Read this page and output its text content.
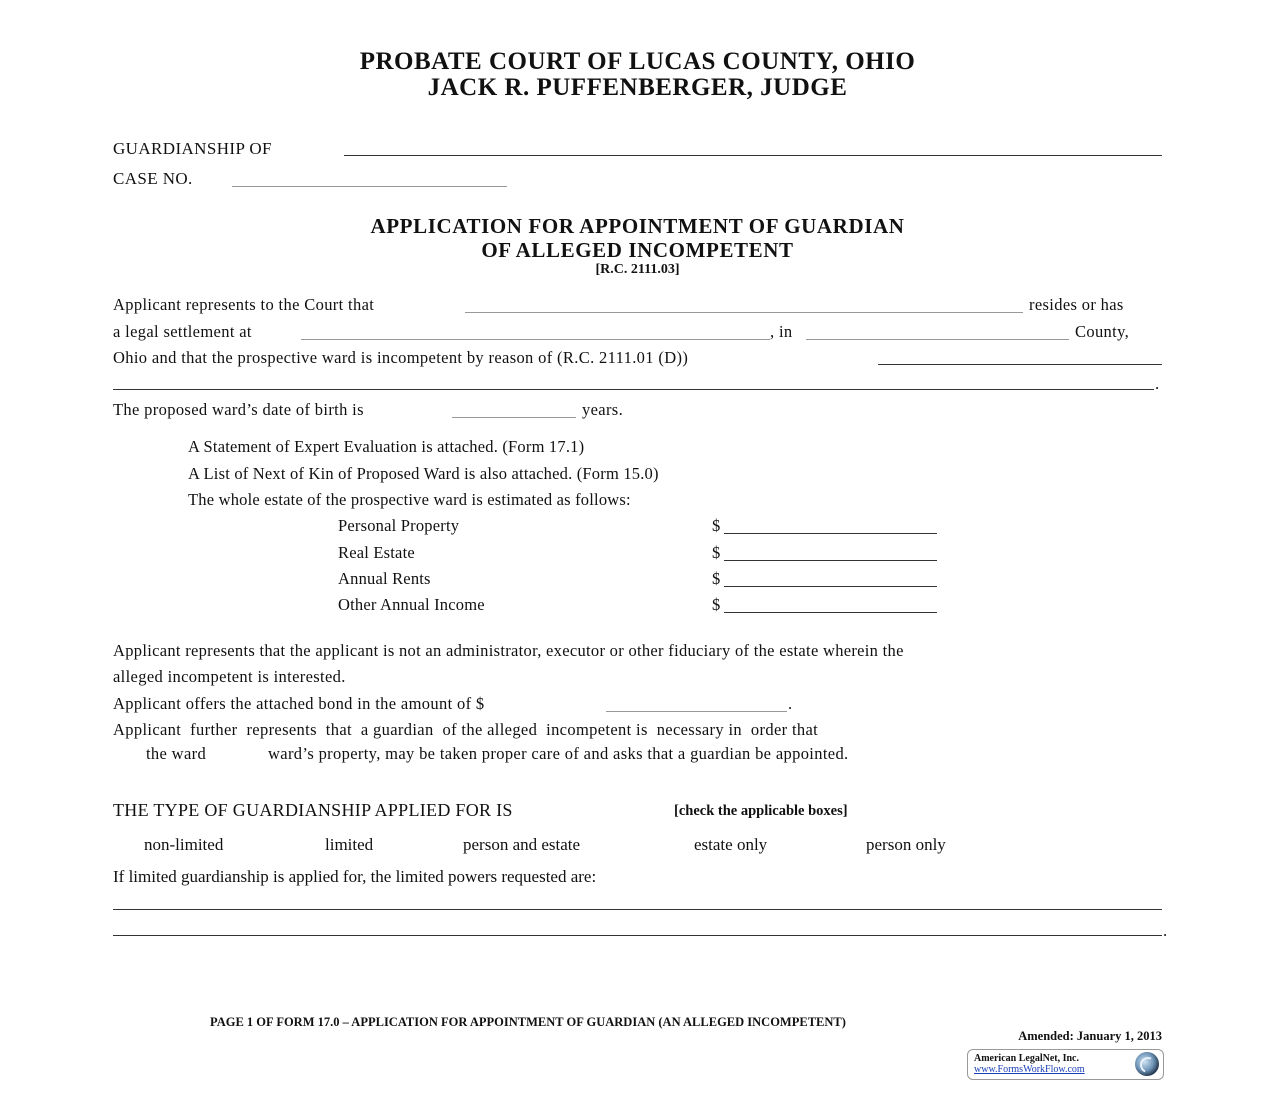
PROBATE COURT OF LUCAS COUNTY, OHIO
JACK R. PUFFENBERGER, JUDGE
GUARDIANSHIP OF
CASE NO.
APPLICATION FOR APPOINTMENT OF GUARDIAN
OF ALLEGED INCOMPETENT
[R.C. 2111.03]
Applicant represents to the Court that	resides or has
a legal settlement at	, in	County,
Ohio and that the prospective ward is incompetent by reason of (R.C. 2111.01 (D))
.
The proposed ward’s date of birth is	years.
A Statement of Expert Evaluation is attached. (Form 17.1)
A List of Next of Kin of Proposed Ward is also attached. (Form 15.0)
The whole estate of the prospective ward is estimated as follows:
Personal Property	$
Real Estate	$
Annual Rents	$
Other Annual Income	$
Applicant represents that the applicant is not an administrator, executor or other fiduciary of the estate wherein the
alleged incompetent is interested.
Applicant offers the attached bond in the amount of $	.
Applicant  further  represents  that  a guardian  of the alleged  incompetent is  necessary in  order that
the ward	ward’s property, may be taken proper care of and asks that a guardian be appointed.
THE TYPE OF GUARDIANSHIP APPLIED FOR IS	[check the applicable boxes]
non-limited	limited	person and estate	estate only	person only
If limited guardianship is applied for, the limited powers requested are:
.
PAGE 1 OF FORM 17.0 – APPLICATION FOR APPOINTMENT OF GUARDIAN (AN ALLEGED INCOMPETENT)
Amended: January 1, 2013
American LegalNet, Inc.
www.FormsWorkFlow.com
